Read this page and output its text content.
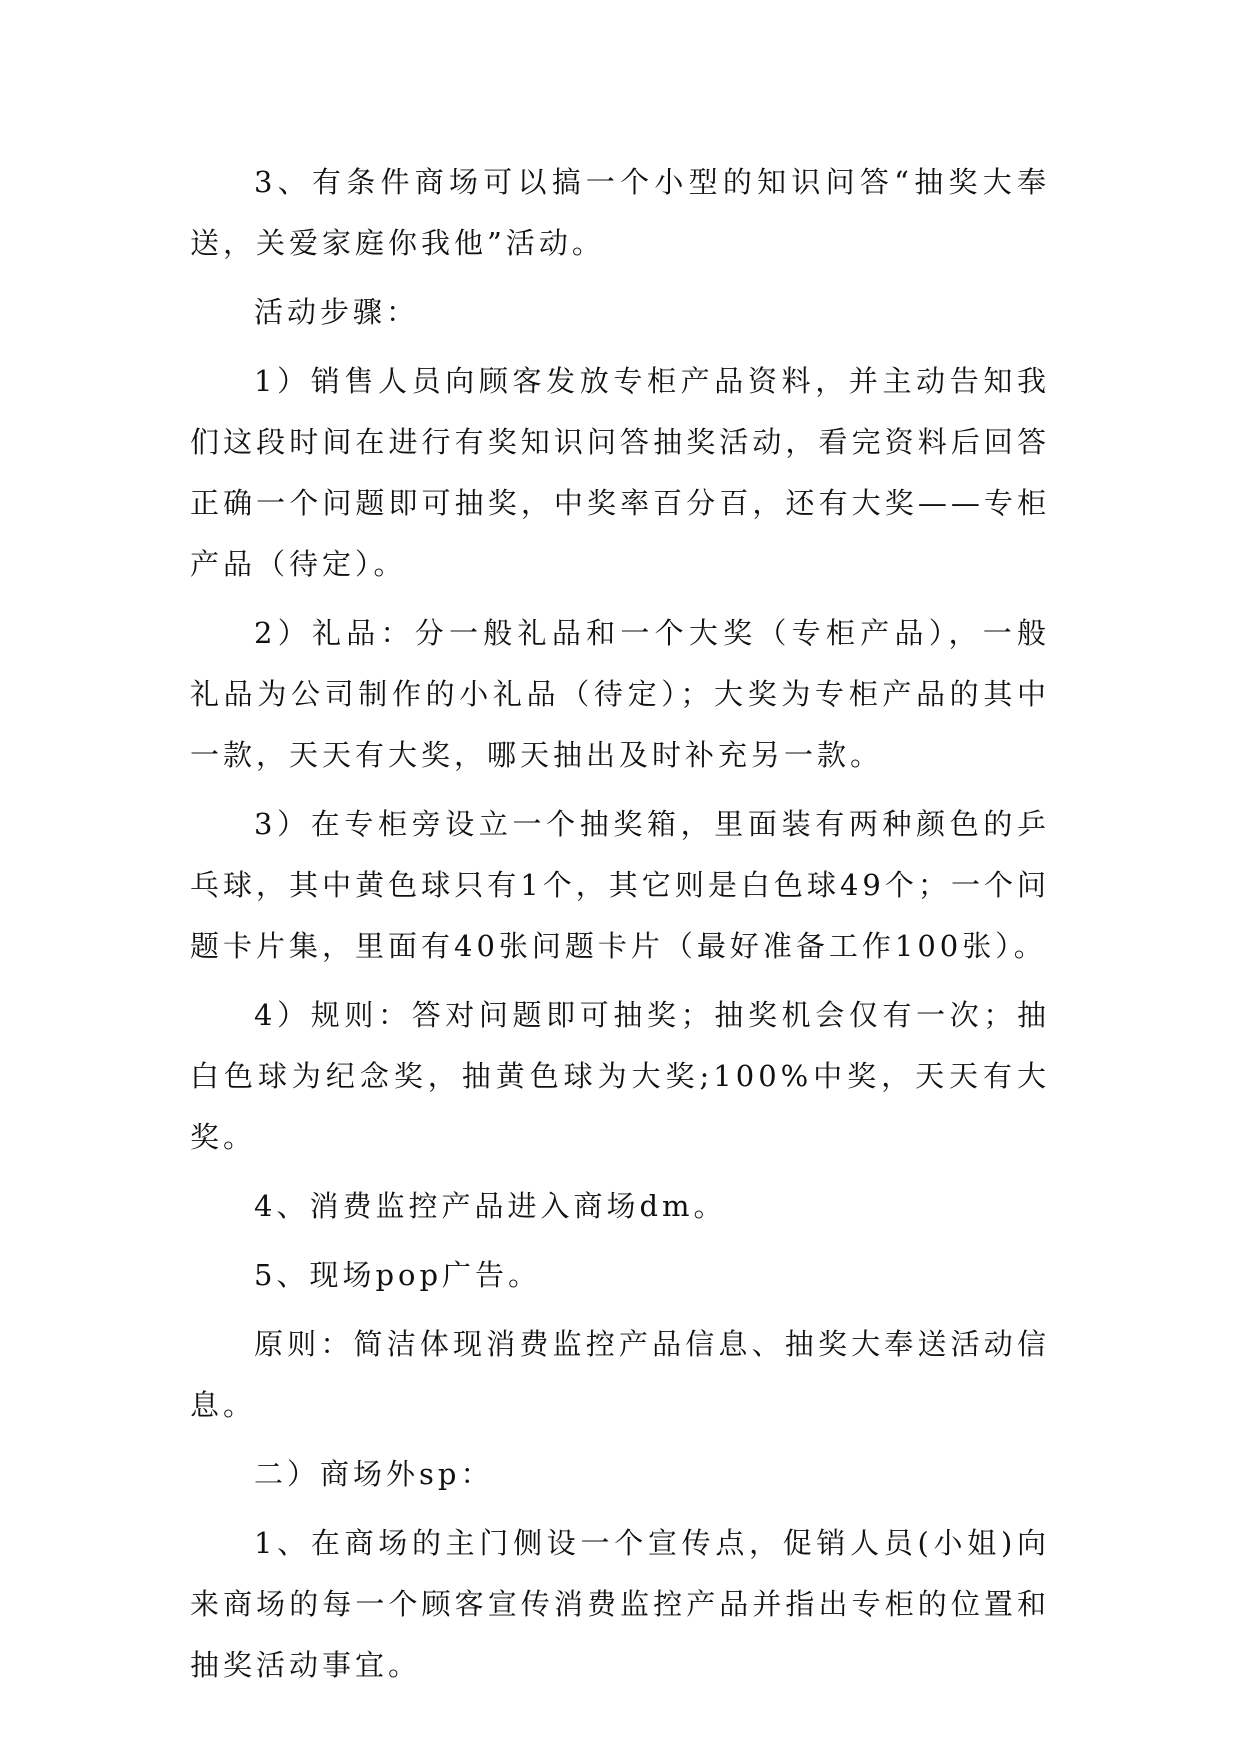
3、有条件商场可以搞一个小型的知识问答“抽奖大奉送，关爱家庭你我他”活动。

活动步骤：

1）销售人员向顾客发放专柜产品资料，并主动告知我们这段时间在进行有奖知识问答抽奖活动，看完资料后回答正确一个问题即可抽奖，中奖率百分百，还有大奖——专柜产品（待定）。

2）礼品：分一般礼品和一个大奖（专柜产品），一般礼品为公司制作的小礼品（待定）；大奖为专柜产品的其中一款，天天有大奖，哪天抽出及时补充另一款。

3）在专柜旁设立一个抽奖箱，里面装有两种颜色的乒乓球，其中黄色球只有1个，其它则是白色球49个；一个问题卡片集，里面有40张问题卡片（最好准备工作100张）。

4）规则：答对问题即可抽奖；抽奖机会仅有一次；抽白色球为纪念奖，抽黄色球为大奖;100%中奖，天天有大奖。

4、消费监控产品进入商场dm。

5、现场pop广告。

原则：简洁体现消费监控产品信息、抽奖大奉送活动信息。

二）商场外sp：

1、在商场的主门侧设一个宣传点，促销人员(小姐)向来商场的每一个顾客宣传消费监控产品并指出专柜的位置和抽奖活动事宜。
